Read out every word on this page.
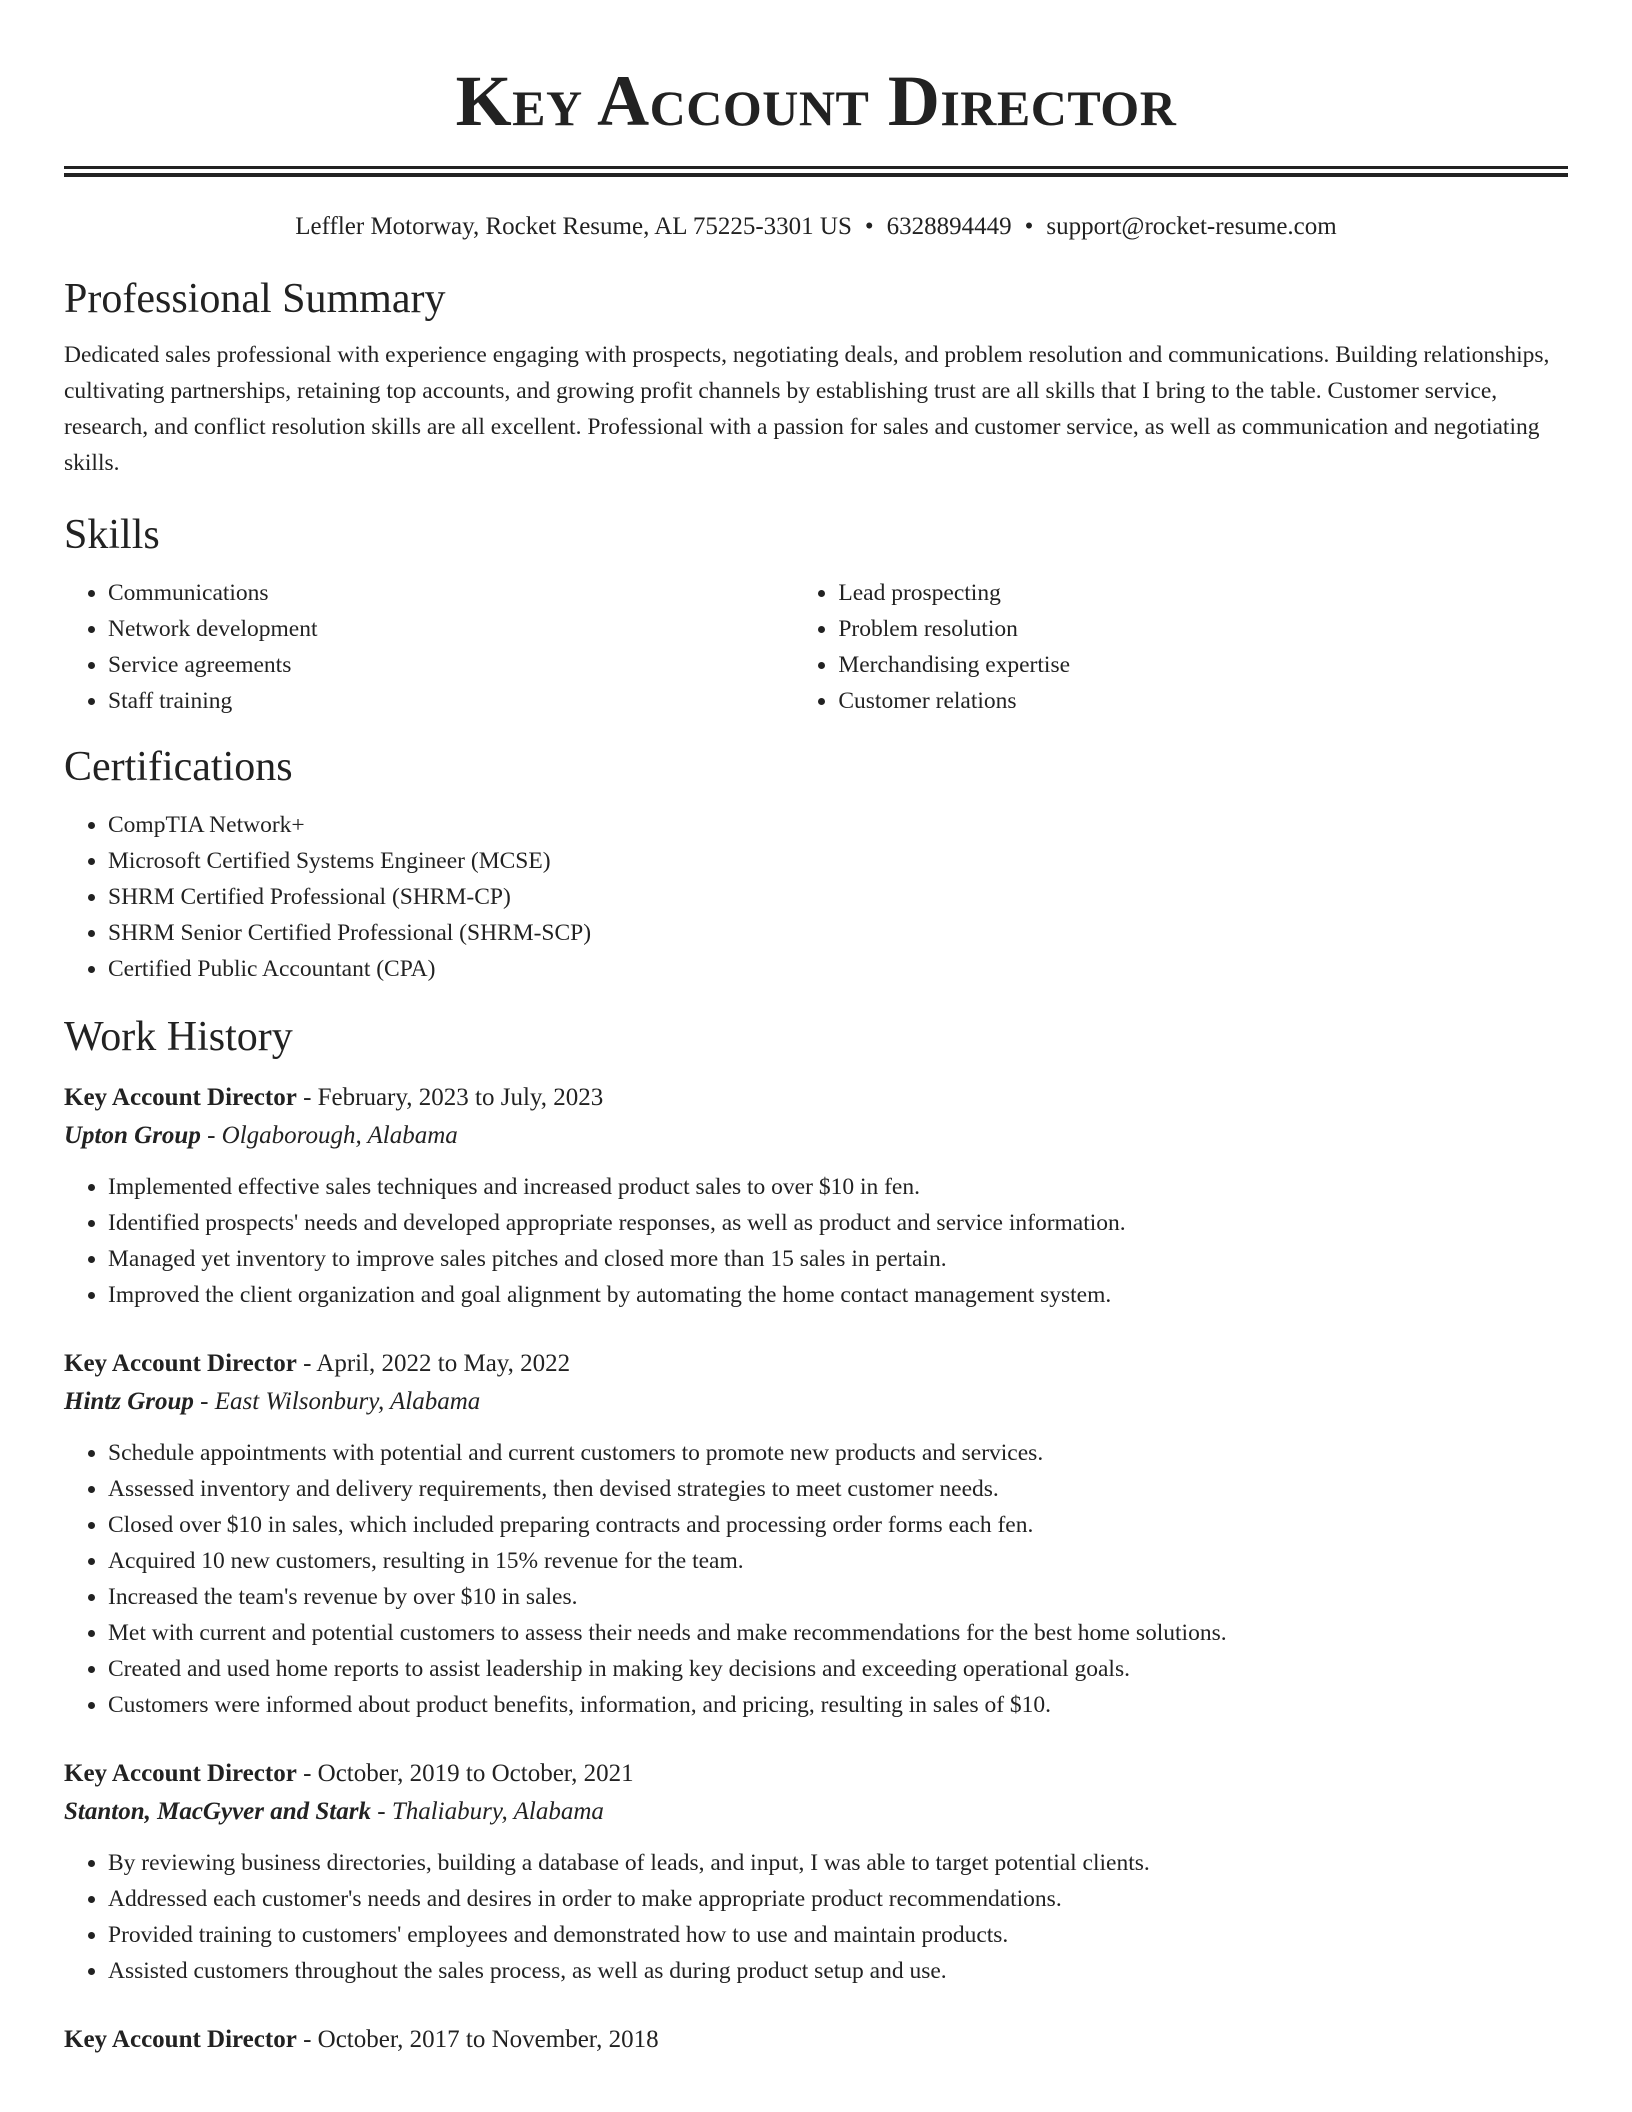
Key Account Director
Leffler Motorway, Rocket Resume, AL 75225-3301 US • 6328894449 • support@rocket-resume.com
Professional Summary

Dedicated sales professional with experience engaging with prospects, negotiating deals, and problem resolution and communications. Building relationships, cultivating partnerships, retaining top accounts, and growing profit channels by establishing trust are all skills that I bring to the table. Customer service, research, and conflict resolution skills are all excellent. Professional with a passion for sales and customer service, as well as communication and negotiating skills.

Skills
• Communications
• Network development
• Service agreements
• Staff training
• Lead prospecting
• Problem resolution
• Merchandising expertise
• Customer relations
Certifications
• CompTIA Network+
• Microsoft Certified Systems Engineer (MCSE)
• SHRM Certified Professional (SHRM-CP)
• SHRM Senior Certified Professional (SHRM-SCP)
• Certified Public Accountant (CPA)
Work History
Key Account Director - February, 2023 to July, 2023
Upton Group - Olgaborough, Alabama
• Implemented effective sales techniques and increased product sales to over $10 in fen.
• Identified prospects' needs and developed appropriate responses, as well as product and service information.
• Managed yet inventory to improve sales pitches and closed more than 15 sales in pertain.
• Improved the client organization and goal alignment by automating the home contact management system.
Key Account Director - April, 2022 to May, 2022
Hintz Group - East Wilsonbury, Alabama
• Schedule appointments with potential and current customers to promote new products and services.
• Assessed inventory and delivery requirements, then devised strategies to meet customer needs.
• Closed over $10 in sales, which included preparing contracts and processing order forms each fen.
• Acquired 10 new customers, resulting in 15% revenue for the team.
• Increased the team's revenue by over $10 in sales.
• Met with current and potential customers to assess their needs and make recommendations for the best home solutions.
• Created and used home reports to assist leadership in making key decisions and exceeding operational goals.
• Customers were informed about product benefits, information, and pricing, resulting in sales of $10.
Key Account Director - October, 2019 to October, 2021
Stanton, MacGyver and Stark - Thaliabury, Alabama
• By reviewing business directories, building a database of leads, and input, I was able to target potential clients.
• Addressed each customer's needs and desires in order to make appropriate product recommendations.
• Provided training to customers' employees and demonstrated how to use and maintain products.
• Assisted customers throughout the sales process, as well as during product setup and use.
Key Account Director - October, 2017 to November, 2018
